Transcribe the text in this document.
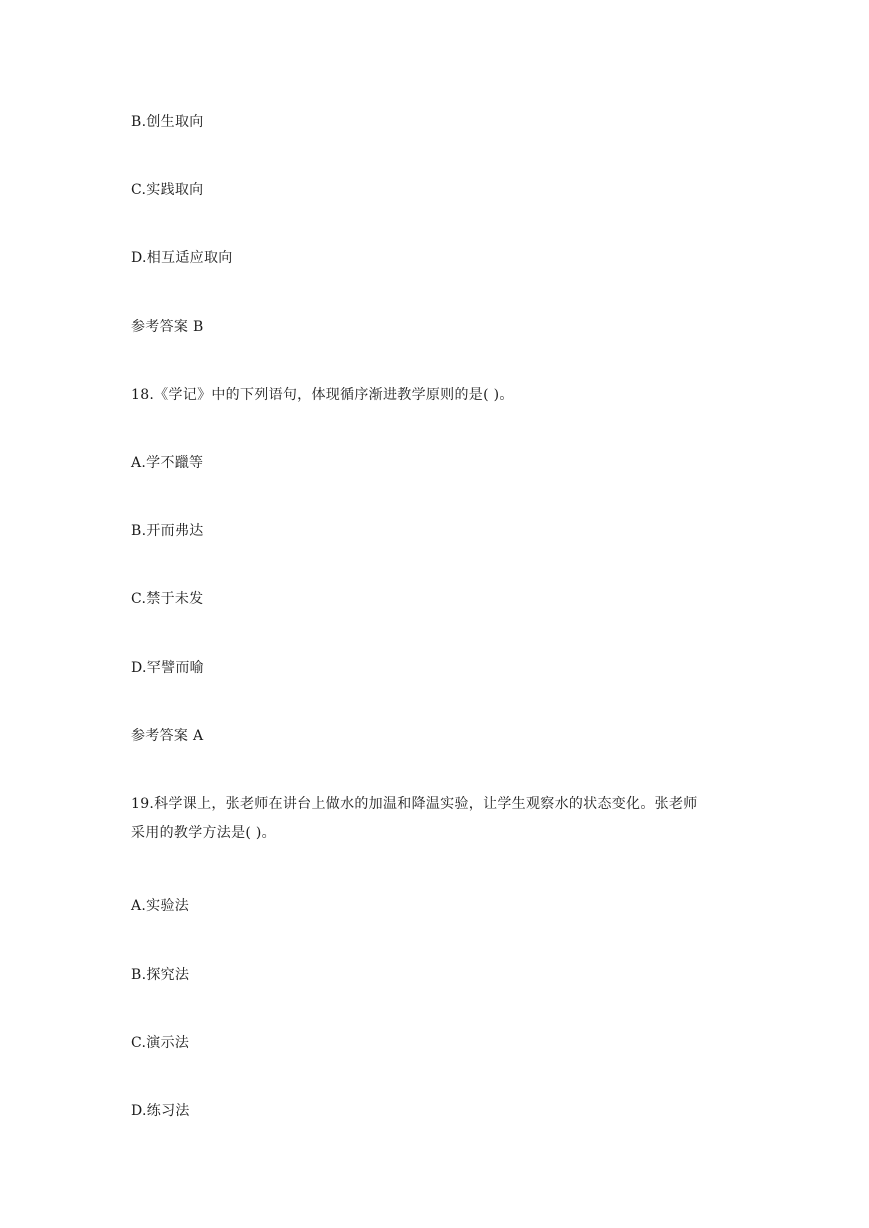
B.创生取向
C.实践取向
D.相互适应取向
参考答案 B
18.《学记》中的下列语句，体现循序渐进教学原则的是( )。
A.学不躐等
B.开而弗达
C.禁于未发
D.罕譬而喻
参考答案 A
19.科学课上，张老师在讲台上做水的加温和降温实验，让学生观察水的状态变化。张老师
采用的教学方法是( )。
A.实验法
B.探究法
C.演示法
D.练习法
